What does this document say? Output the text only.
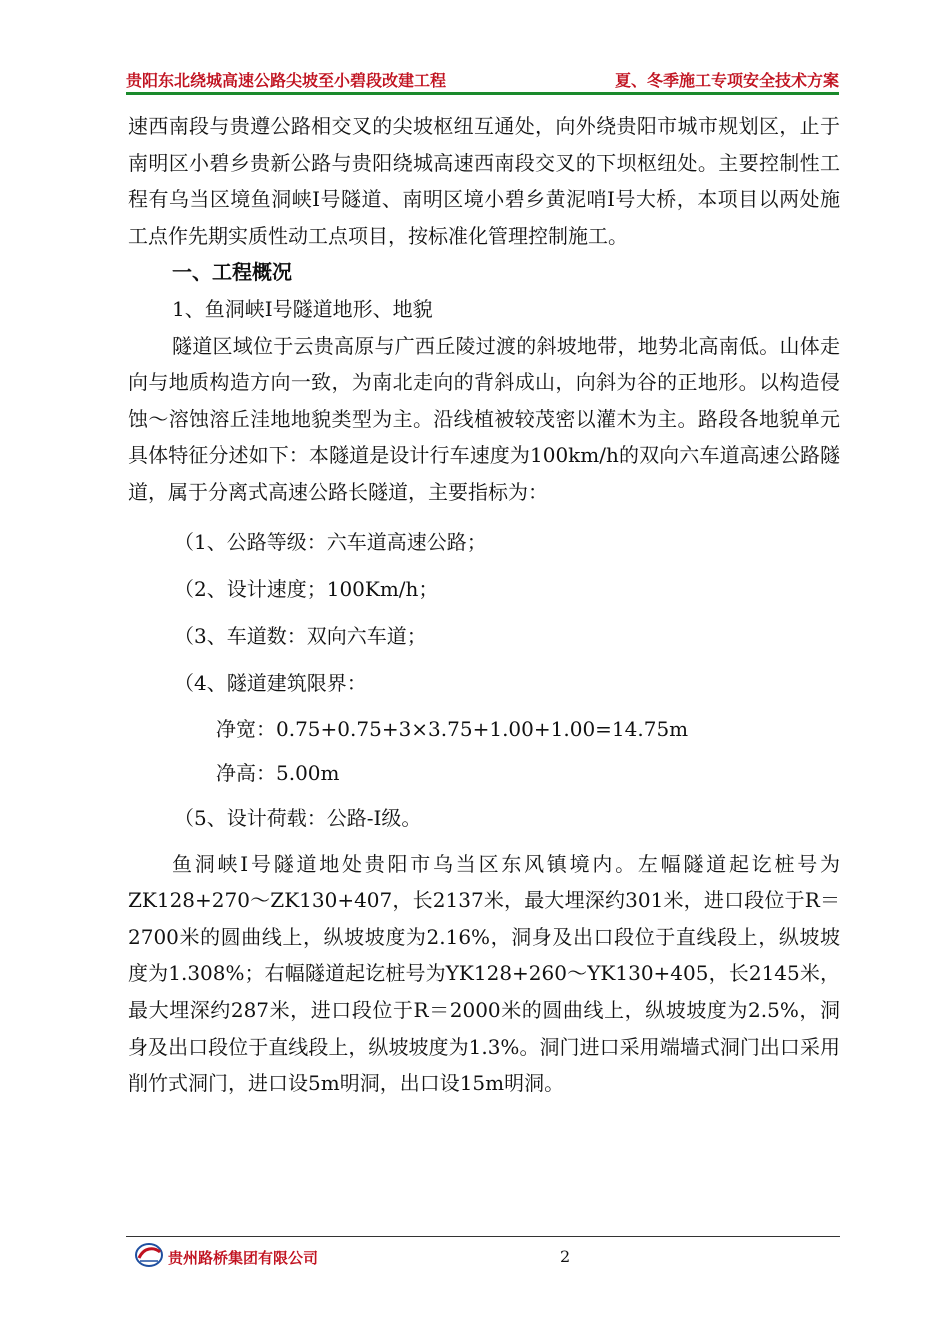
贵阳东北绕城高速公路尖坡至小碧段改建工程	夏、冬季施工专项安全技术方案

速西南段与贵遵公路相交叉的尖坡枢纽互通处，向外绕贵阳市城市规划区，止于南明区小碧乡贵新公路与贵阳绕城高速西南段交叉的下坝枢纽处。主要控制性工程有乌当区境鱼洞峡Ⅰ号隧道、南明区境小碧乡黄泥哨Ⅰ号大桥，本项目以两处施工点作先期实质性动工点项目，按标准化管理控制施工。

一、工程概况

1、鱼洞峡Ⅰ号隧道地形、地貌

隧道区域位于云贵高原与广西丘陵过渡的斜坡地带，地势北高南低。山体走向与地质构造方向一致，为南北走向的背斜成山，向斜为谷的正地形。以构造侵蚀～溶蚀溶丘洼地地貌类型为主。沿线植被较茂密以灌木为主。路段各地貌单元具体特征分述如下：本隧道是设计行车速度为100km/h的双向六车道高速公路隧道，属于分离式高速公路长隧道，主要指标为：

（1、公路等级：六车道高速公路；

（2、设计速度；100Km/h；

（3、车道数：双向六车道；

（4、隧道建筑限界：

净宽：0.75+0.75+3×3.75+1.00+1.00=14.75m

净高：5.00m

（5、设计荷载：公路-Ⅰ级。

鱼洞峡Ⅰ号隧道地处贵阳市乌当区东风镇境内。左幅隧道起讫桩号为ZK128+270～ZK130+407，长2137米，最大埋深约301米，进口段位于R＝2700米的圆曲线上，纵坡坡度为2.16%，洞身及出口段位于直线段上，纵坡坡度为1.308%；右幅隧道起讫桩号为YK128+260～YK130+405，长2145米，最大埋深约287米，进口段位于R＝2000米的圆曲线上，纵坡坡度为2.5%，洞身及出口段位于直线段上，纵坡坡度为1.3%。洞门进口采用端墙式洞门出口采用削竹式洞门，进口设5m明洞，出口设15m明洞。

贵州路桥集团有限公司	2
